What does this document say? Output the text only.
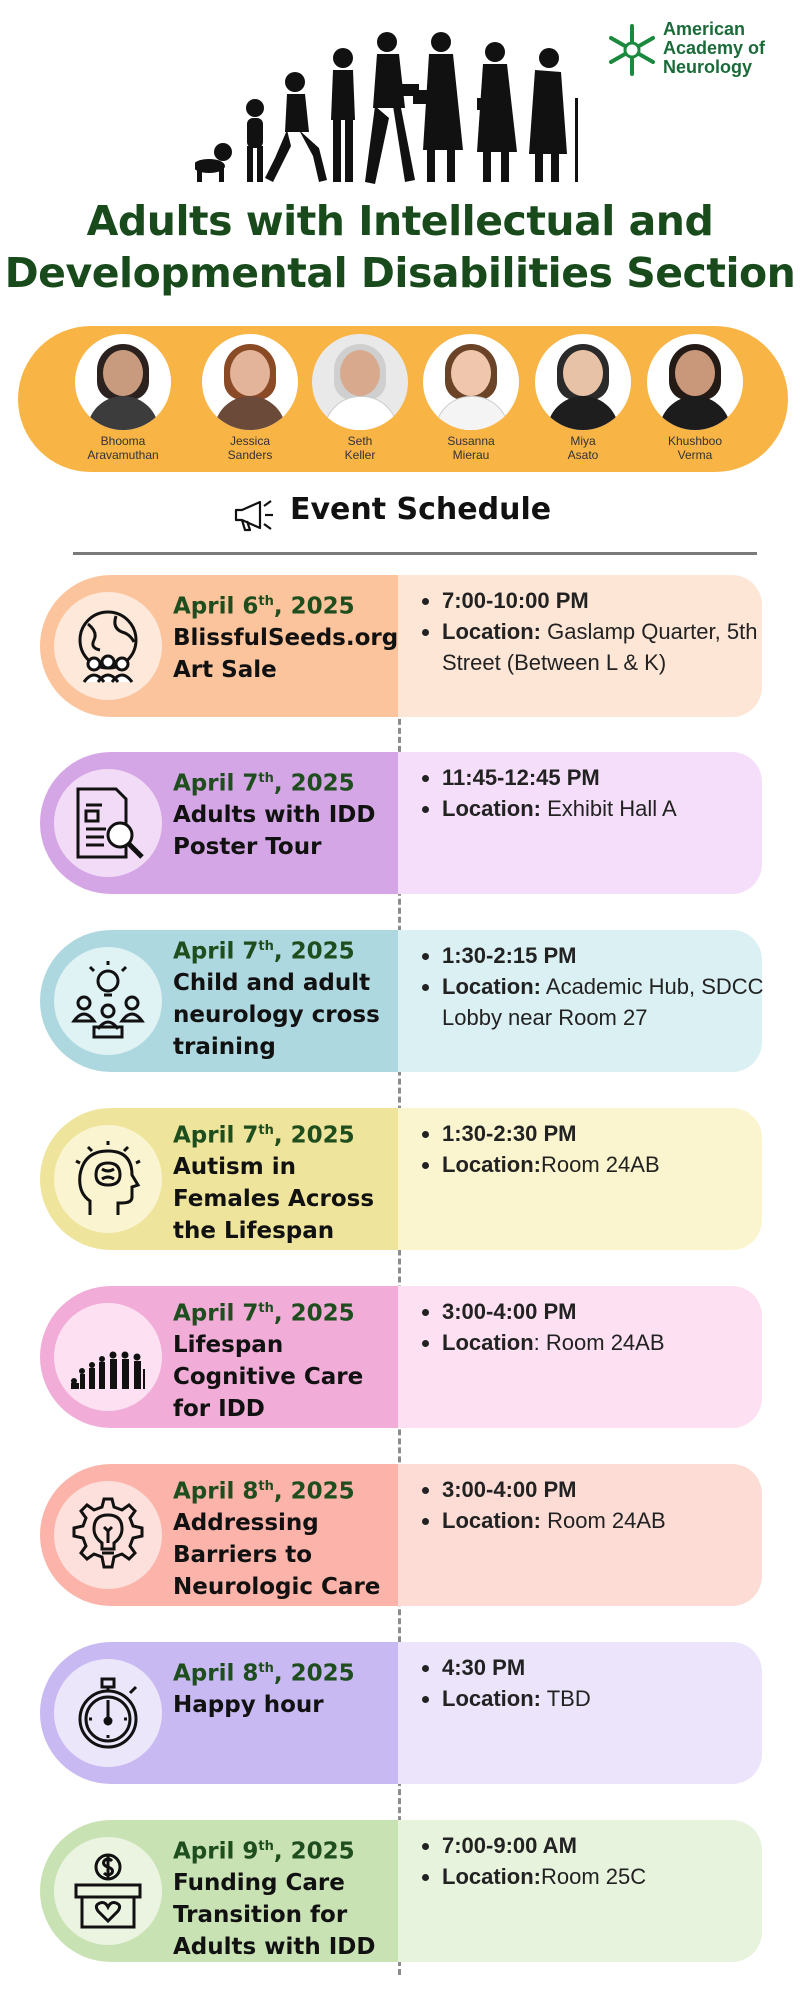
American
Academy of
Neurology
Adults with Intellectual and
Developmental Disabilities Section
Bhooma
Aravamuthan
Jessica
Sanders
Seth
Keller
Susanna
Mierau
Miya
Asato
Khushboo
Verma
Event Schedule
April 6th, 2025
BlissfulSeeds.org Art Sale
• 7:00-10:00 PM
• Location: Gaslamp Quarter, 5th Street (Between L & K)
April 7th, 2025
Adults with IDD Poster Tour
• 11:45-12:45 PM
• Location: Exhibit Hall A
April 7th, 2025
Child and adult neurology cross training
• 1:30-2:15 PM
• Location: Academic Hub, SDCC Lobby near Room 27
April 7th, 2025
Autism in Females Across the Lifespan
• 1:30-2:30 PM
• Location:Room 24AB
April 7th, 2025
Lifespan Cognitive Care for IDD
• 3:00-4:00 PM
• Location: Room 24AB
April 8th, 2025
Addressing Barriers to Neurologic Care
• 3:00-4:00 PM
• Location: Room 24AB
April 8th, 2025
Happy hour
• 4:30 PM
• Location: TBD
April 9th, 2025
Funding Care Transition for Adults with IDD
• 7:00-9:00 AM
• Location:Room 25C
